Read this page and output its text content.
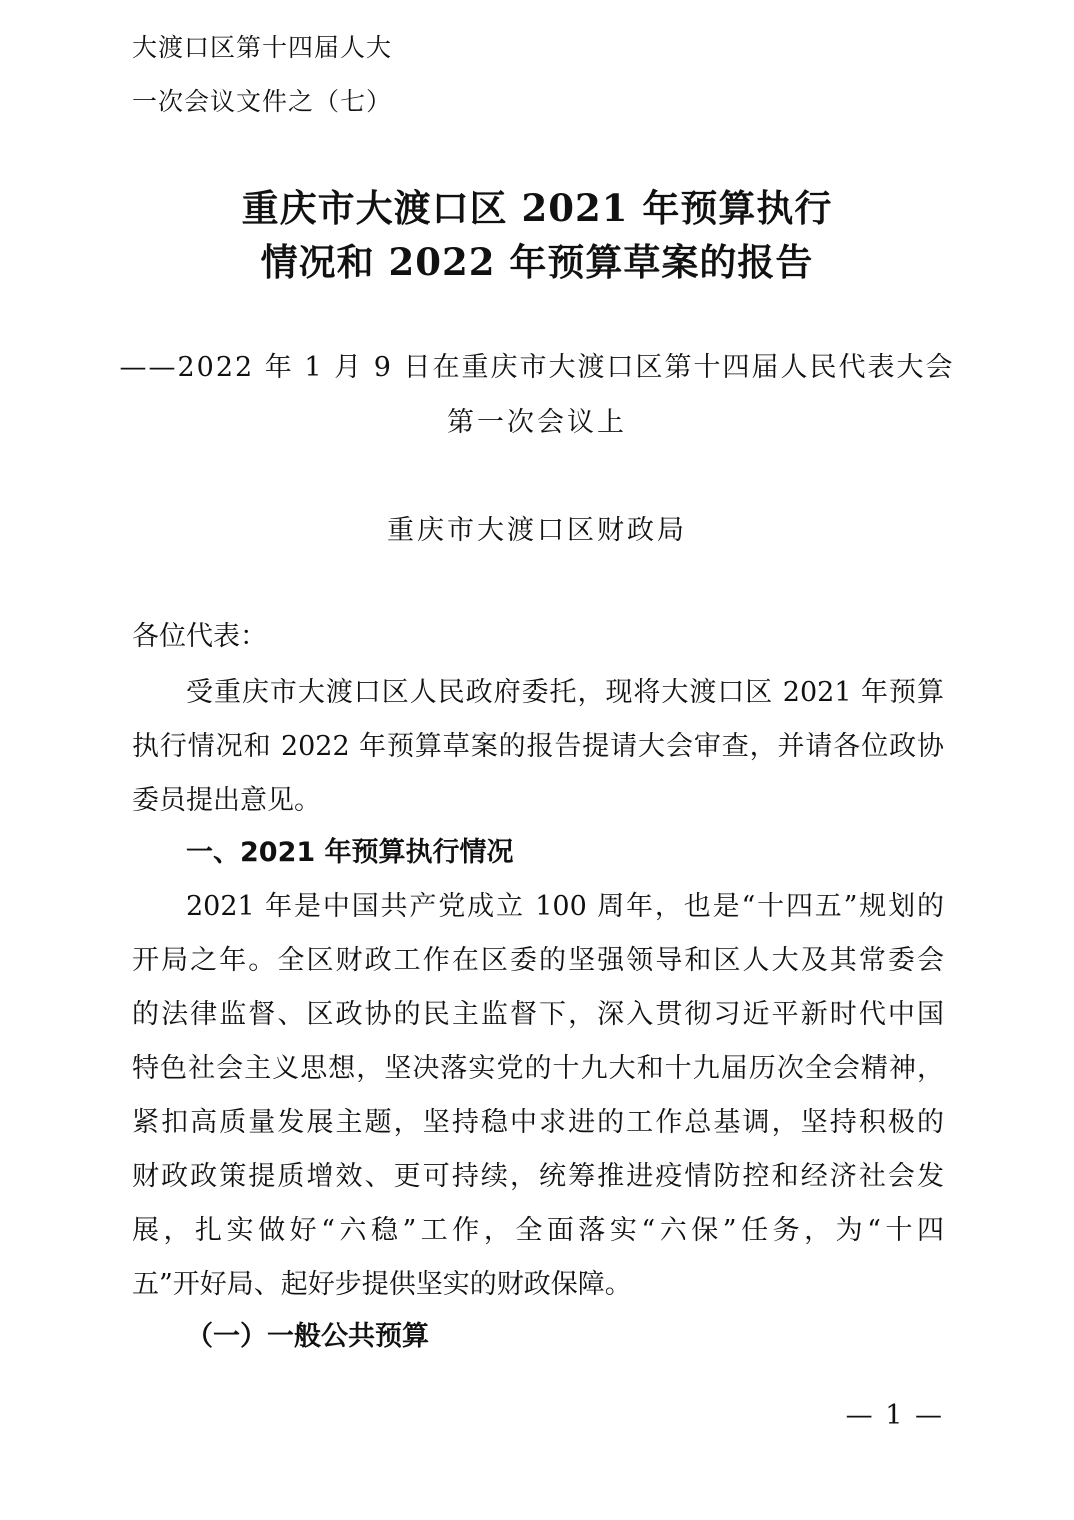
大渡口区第十四届人大
一次会议文件之（七）
重庆市大渡口区 2021 年预算执行
情况和 2022 年预算草案的报告
——2022 年 1 月 9 日在重庆市大渡口区第十四届人民代表大会
第一次会议上
重庆市大渡口区财政局
各位代表：
受重庆市大渡口区人民政府委托，现将大渡口区 2021 年预算
执行情况和 2022 年预算草案的报告提请大会审查，并请各位政协
委员提出意见。
一、2021 年预算执行情况
2021 年是中国共产党成立 100 周年，也是“十四五”规划的
开局之年。全区财政工作在区委的坚强领导和区人大及其常委会
的法律监督、区政协的民主监督下，深入贯彻习近平新时代中国
特色社会主义思想，坚决落实党的十九大和十九届历次全会精神，
紧扣高质量发展主题，坚持稳中求进的工作总基调，坚持积极的
财政政策提质增效、更可持续，统筹推进疫情防控和经济社会发
展，扎实做好“六稳”工作，全面落实“六保”任务，为“十四
五”开好局、起好步提供坚实的财政保障。
（一）一般公共预算
— 1 —
